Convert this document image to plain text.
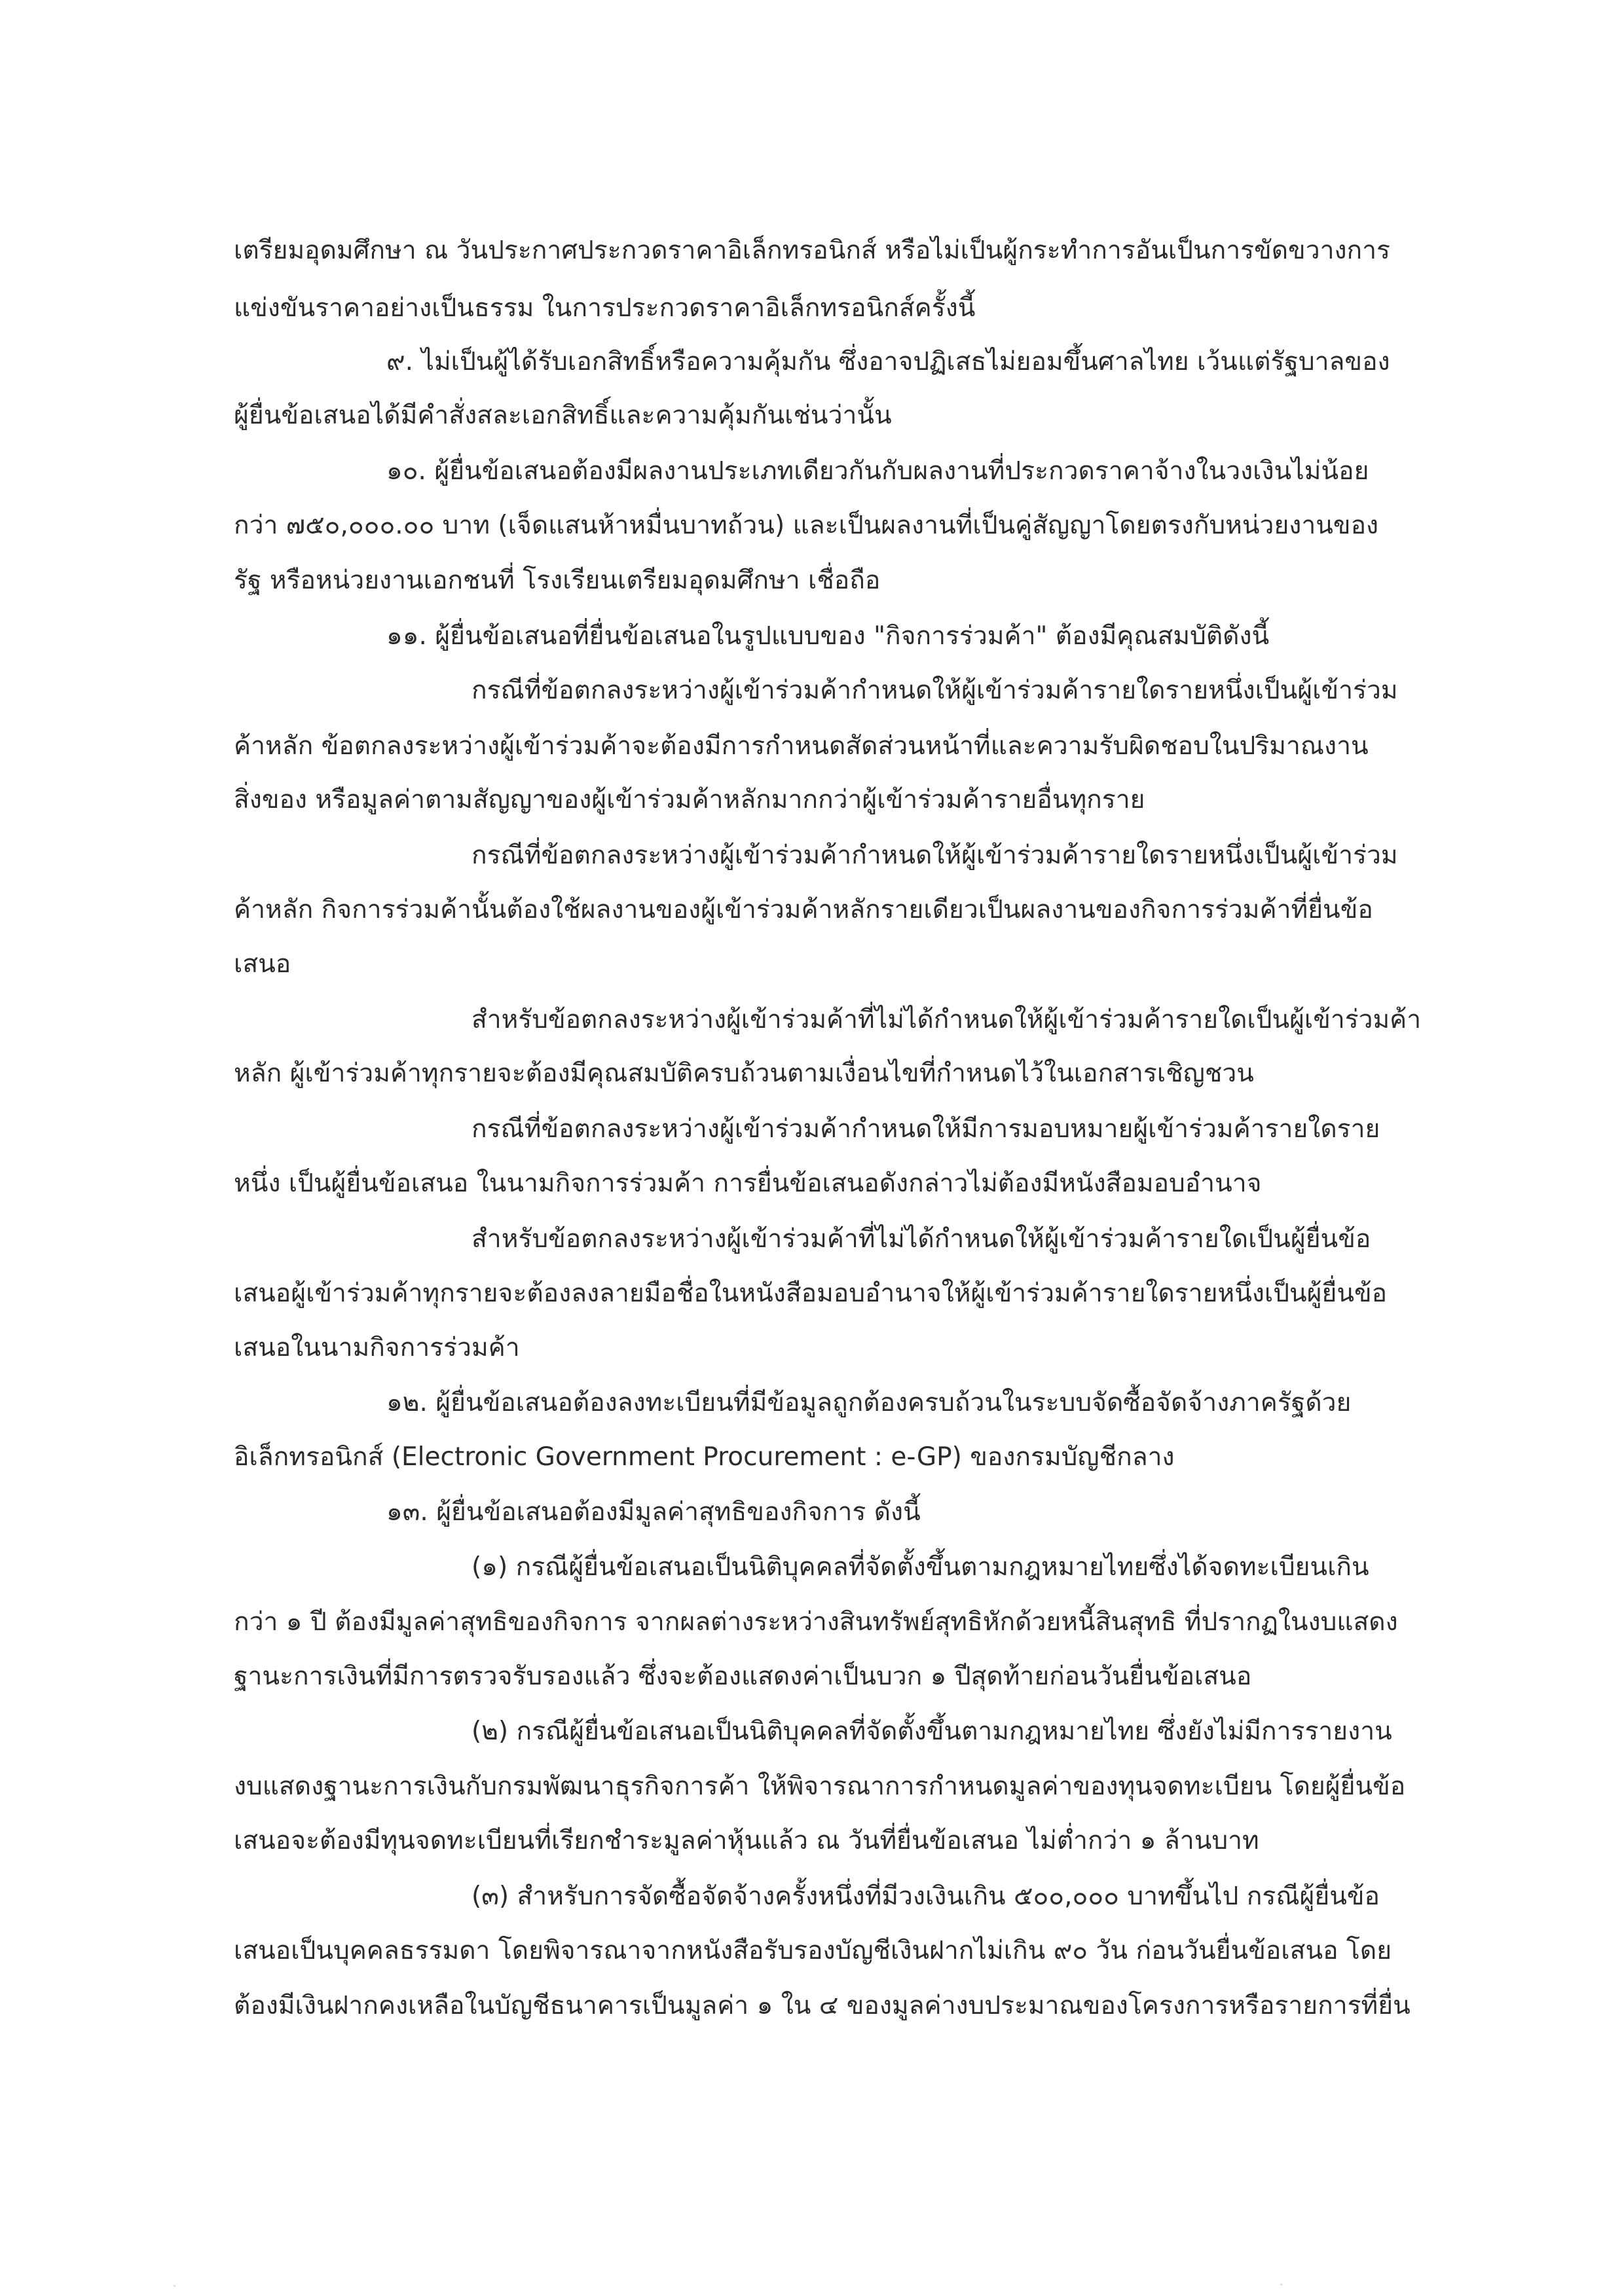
เตรียมอุดมศึกษา ณ วันประกาศประกวดราคาอิเล็กทรอนิกส์ หรือไม่เป็นผู้กระทำการอันเป็นการขัดขวางการ
แข่งขันราคาอย่างเป็นธรรม ในการประกวดราคาอิเล็กทรอนิกส์ครั้งนี้
๙. ไม่เป็นผู้ได้รับเอกสิทธิ์หรือความคุ้มกัน ซึ่งอาจปฏิเสธไม่ยอมขึ้นศาลไทย เว้นแต่รัฐบาลของ
ผู้ยื่นข้อเสนอได้มีคำสั่งสละเอกสิทธิ์และความคุ้มกันเช่นว่านั้น
๑๐. ผู้ยื่นข้อเสนอต้องมีผลงานประเภทเดียวกันกับผลงานที่ประกวดราคาจ้างในวงเงินไม่น้อย
กว่า ๗๕๐,๐๐๐.๐๐ บาท (เจ็ดแสนห้าหมื่นบาทถ้วน) และเป็นผลงานที่เป็นคู่สัญญาโดยตรงกับหน่วยงานของ
รัฐ หรือหน่วยงานเอกชนที่ โรงเรียนเตรียมอุดมศึกษา เชื่อถือ
๑๑. ผู้ยื่นข้อเสนอที่ยื่นข้อเสนอในรูปแบบของ "กิจการร่วมค้า" ต้องมีคุณสมบัติดังนี้
กรณีที่ข้อตกลงระหว่างผู้เข้าร่วมค้ากำหนดให้ผู้เข้าร่วมค้ารายใดรายหนึ่งเป็นผู้เข้าร่วม
ค้าหลัก ข้อตกลงระหว่างผู้เข้าร่วมค้าจะต้องมีการกำหนดสัดส่วนหน้าที่และความรับผิดชอบในปริมาณงาน
สิ่งของ หรือมูลค่าตามสัญญาของผู้เข้าร่วมค้าหลักมากกว่าผู้เข้าร่วมค้ารายอื่นทุกราย
กรณีที่ข้อตกลงระหว่างผู้เข้าร่วมค้ากำหนดให้ผู้เข้าร่วมค้ารายใดรายหนึ่งเป็นผู้เข้าร่วม
ค้าหลัก กิจการร่วมค้านั้นต้องใช้ผลงานของผู้เข้าร่วมค้าหลักรายเดียวเป็นผลงานของกิจการร่วมค้าที่ยื่นข้อ
เสนอ
สำหรับข้อตกลงระหว่างผู้เข้าร่วมค้าที่ไม่ได้กำหนดให้ผู้เข้าร่วมค้ารายใดเป็นผู้เข้าร่วมค้า
หลัก ผู้เข้าร่วมค้าทุกรายจะต้องมีคุณสมบัติครบถ้วนตามเงื่อนไขที่กำหนดไว้ในเอกสารเชิญชวน
กรณีที่ข้อตกลงระหว่างผู้เข้าร่วมค้ากำหนดให้มีการมอบหมายผู้เข้าร่วมค้ารายใดราย
หนึ่ง เป็นผู้ยื่นข้อเสนอ ในนามกิจการร่วมค้า การยื่นข้อเสนอดังกล่าวไม่ต้องมีหนังสือมอบอำนาจ
สำหรับข้อตกลงระหว่างผู้เข้าร่วมค้าที่ไม่ได้กำหนดให้ผู้เข้าร่วมค้ารายใดเป็นผู้ยื่นข้อ
เสนอผู้เข้าร่วมค้าทุกรายจะต้องลงลายมือชื่อในหนังสือมอบอำนาจให้ผู้เข้าร่วมค้ารายใดรายหนึ่งเป็นผู้ยื่นข้อ
เสนอในนามกิจการร่วมค้า
๑๒. ผู้ยื่นข้อเสนอต้องลงทะเบียนที่มีข้อมูลถูกต้องครบถ้วนในระบบจัดซื้อจัดจ้างภาครัฐด้วย
อิเล็กทรอนิกส์ (Electronic Government Procurement : e-GP) ของกรมบัญชีกลาง
๑๓. ผู้ยื่นข้อเสนอต้องมีมูลค่าสุทธิของกิจการ ดังนี้
(๑) กรณีผู้ยื่นข้อเสนอเป็นนิติบุคคลที่จัดตั้งขึ้นตามกฎหมายไทยซึ่งได้จดทะเบียนเกิน
กว่า ๑ ปี ต้องมีมูลค่าสุทธิของกิจการ จากผลต่างระหว่างสินทรัพย์สุทธิหักด้วยหนี้สินสุทธิ ที่ปรากฏในงบแสดง
ฐานะการเงินที่มีการตรวจรับรองแล้ว ซึ่งจะต้องแสดงค่าเป็นบวก ๑ ปีสุดท้ายก่อนวันยื่นข้อเสนอ
(๒) กรณีผู้ยื่นข้อเสนอเป็นนิติบุคคลที่จัดตั้งขึ้นตามกฎหมายไทย ซึ่งยังไม่มีการรายงาน
งบแสดงฐานะการเงินกับกรมพัฒนาธุรกิจการค้า ให้พิจารณาการกำหนดมูลค่าของทุนจดทะเบียน โดยผู้ยื่นข้อ
เสนอจะต้องมีทุนจดทะเบียนที่เรียกชำระมูลค่าหุ้นแล้ว ณ วันที่ยื่นข้อเสนอ ไม่ต่ำกว่า ๑ ล้านบาท
(๓) สำหรับการจัดซื้อจัดจ้างครั้งหนึ่งที่มีวงเงินเกิน ๕๐๐,๐๐๐ บาทขึ้นไป กรณีผู้ยื่นข้อ
เสนอเป็นบุคคลธรรมดา โดยพิจารณาจากหนังสือรับรองบัญชีเงินฝากไม่เกิน ๙๐ วัน ก่อนวันยื่นข้อเสนอ โดย
ต้องมีเงินฝากคงเหลือในบัญชีธนาคารเป็นมูลค่า ๑ ใน ๔ ของมูลค่างบประมาณของโครงการหรือรายการที่ยื่น
